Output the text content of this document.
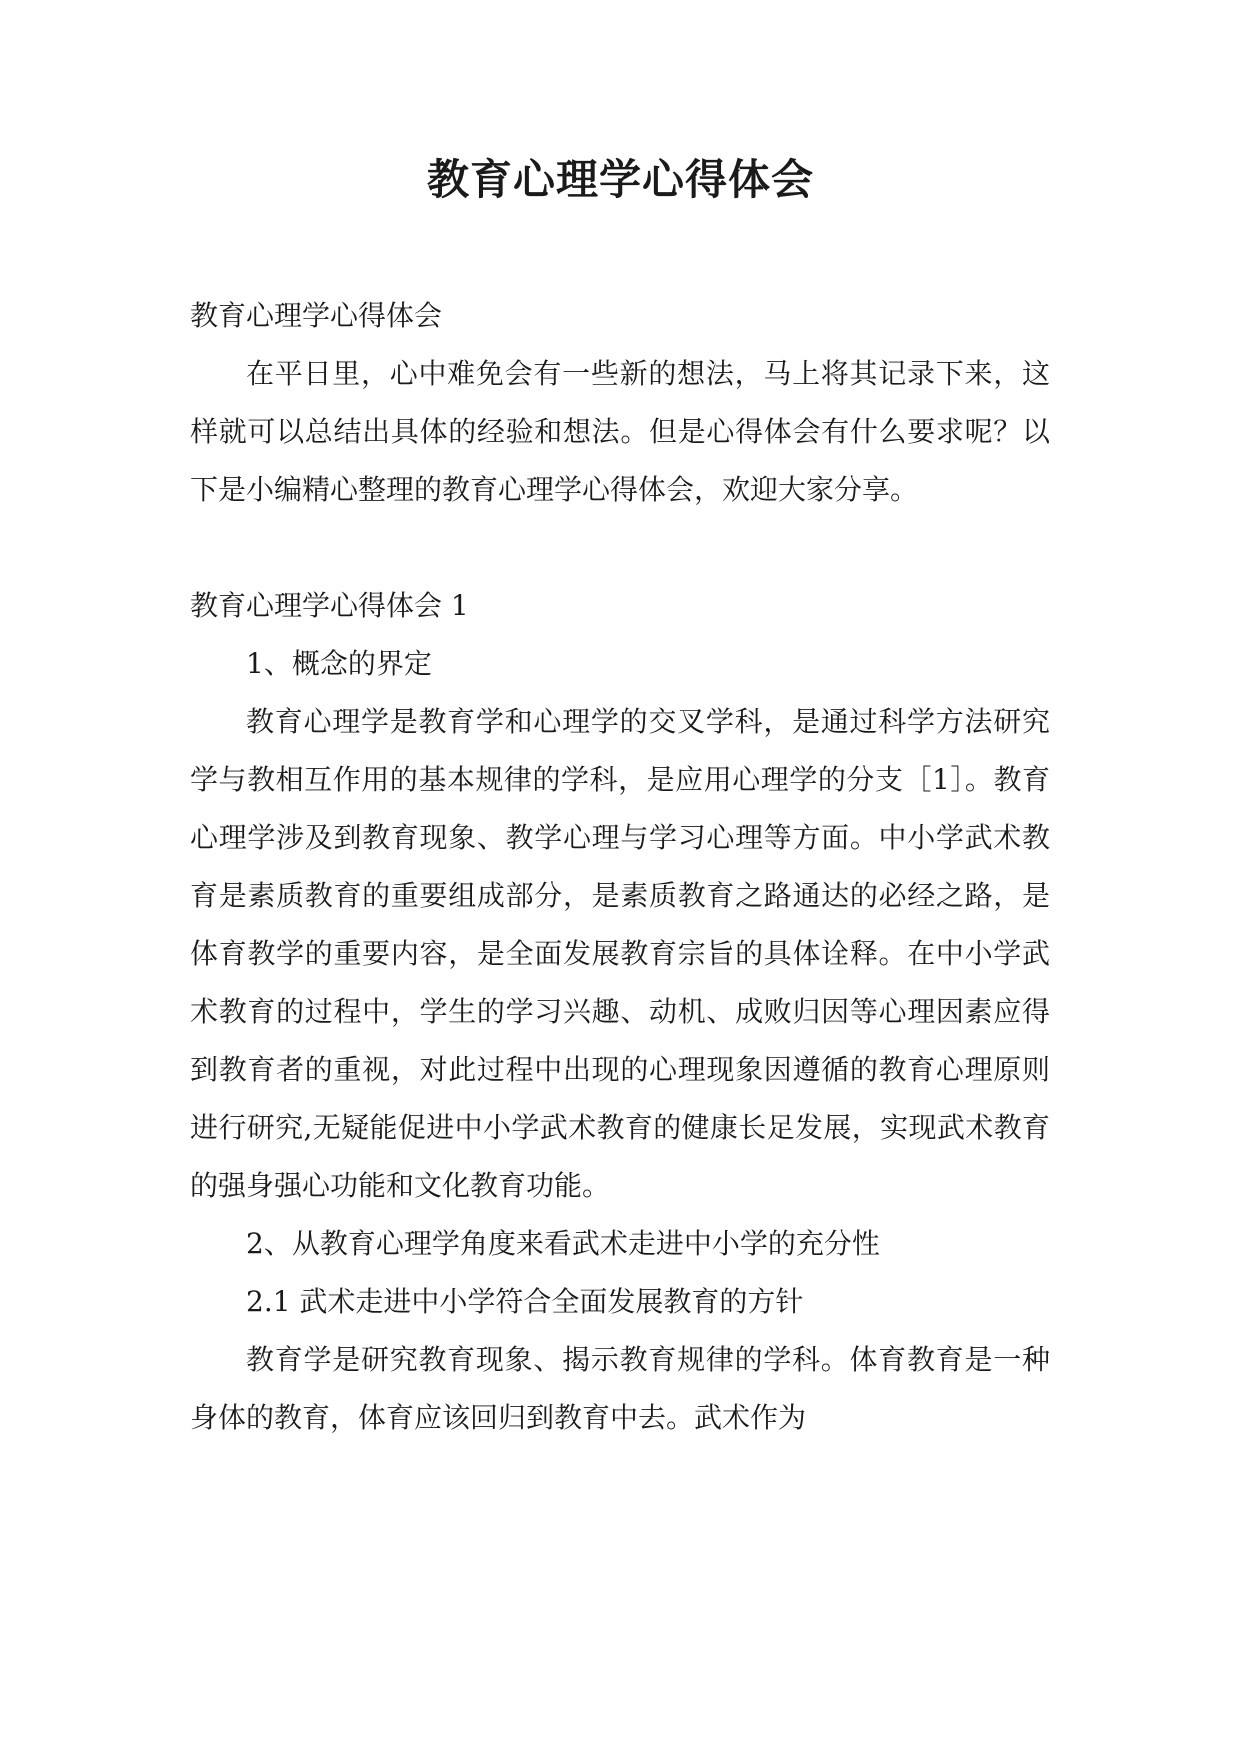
教育心理学心得体会

教育心理学心得体会

在平日里，心中难免会有一些新的想法，马上将其记录下来，这样就可以总结出具体的经验和想法。但是心得体会有什么要求呢？以下是小编精心整理的教育心理学心得体会，欢迎大家分享。

教育心理学心得体会 1

1、概念的界定

教育心理学是教育学和心理学的交叉学科，是通过科学方法研究学与教相互作用的基本规律的学科，是应用心理学的分支［1］。教育心理学涉及到教育现象、教学心理与学习心理等方面。中小学武术教育是素质教育的重要组成部分，是素质教育之路通达的必经之路，是体育教学的重要内容，是全面发展教育宗旨的具体诠释。在中小学武术教育的过程中，学生的学习兴趣、动机、成败归因等心理因素应得到教育者的重视，对此过程中出现的心理现象因遵循的教育心理原则进行研究,无疑能促进中小学武术教育的健康长足发展，实现武术教育的强身强心功能和文化教育功能。

2、从教育心理学角度来看武术走进中小学的充分性

2.1 武术走进中小学符合全面发展教育的方针

教育学是研究教育现象、揭示教育规律的学科。体育教育是一种身体的教育，体育应该回归到教育中去。武术作为
